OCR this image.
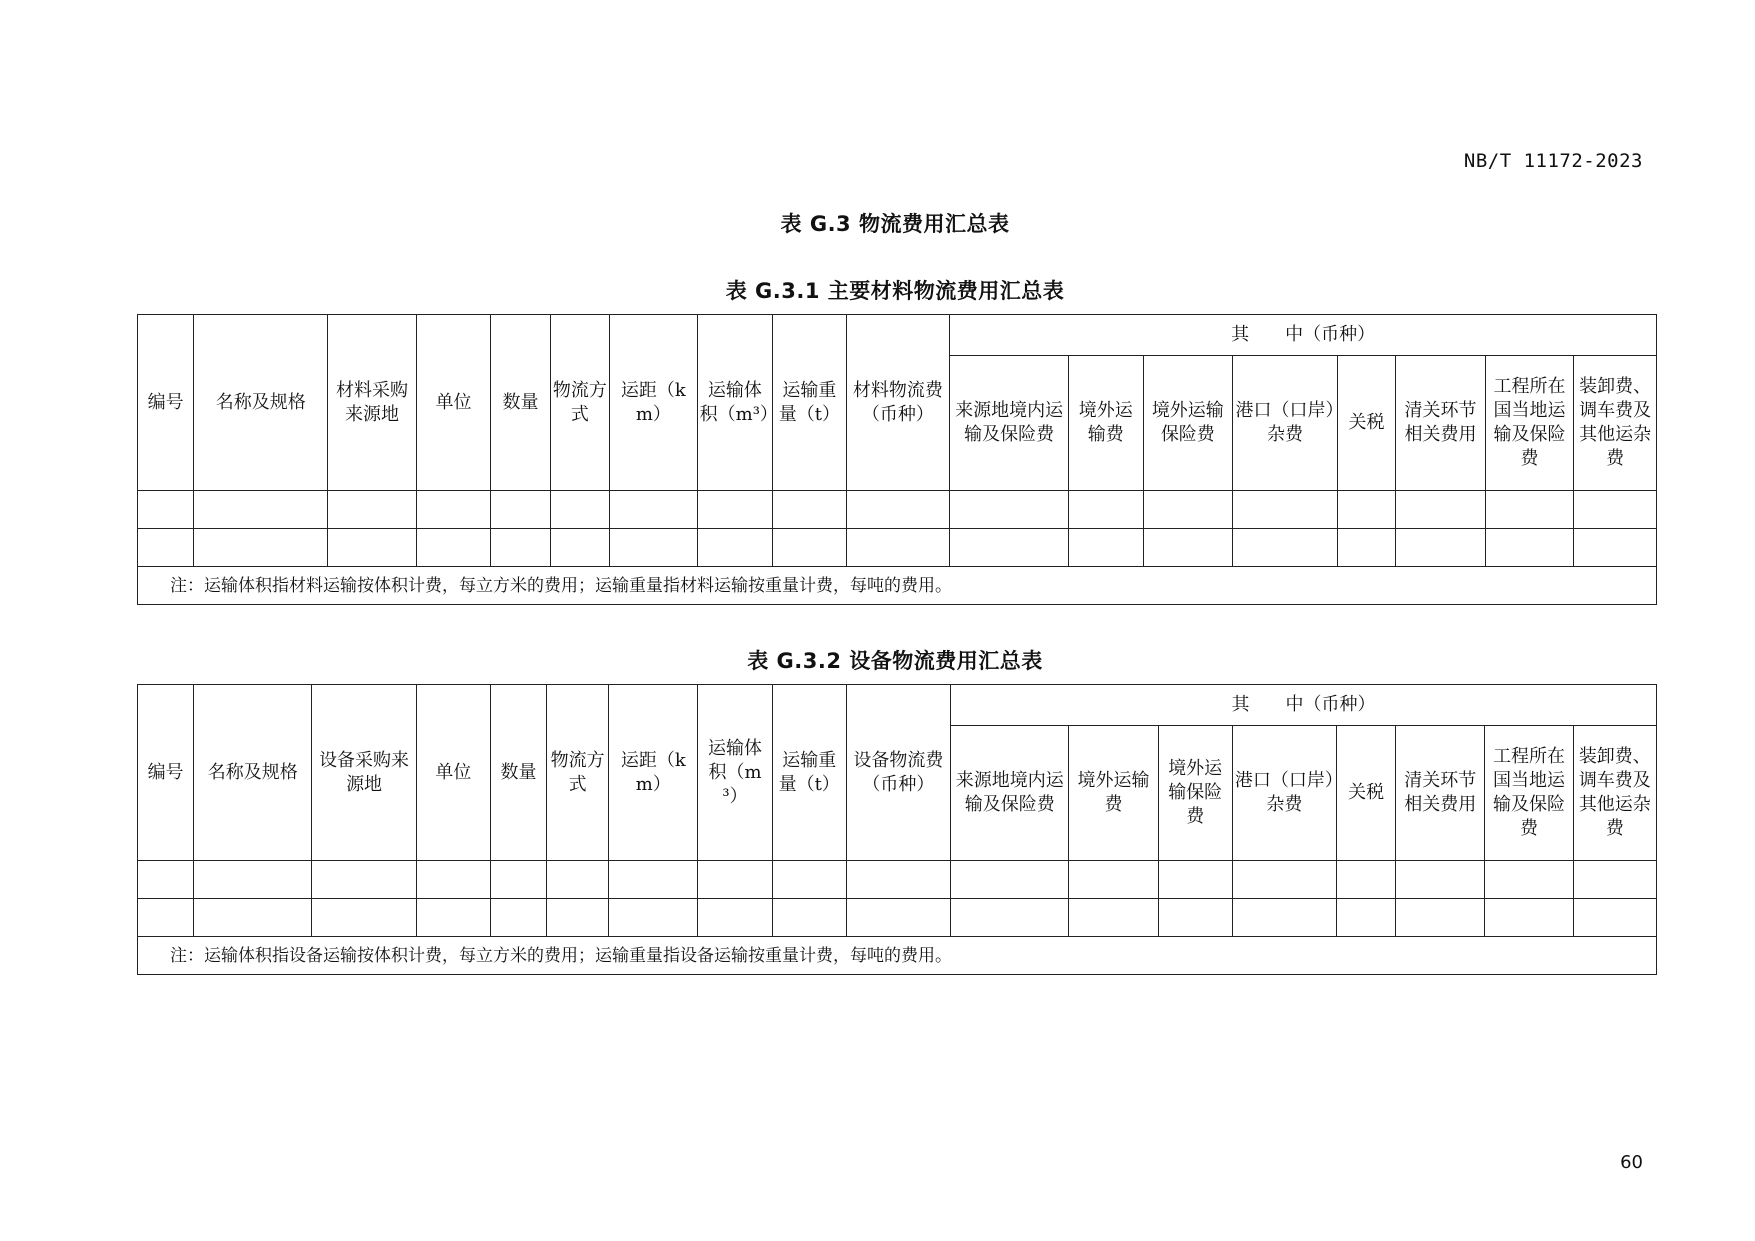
NB/T 11172-2023
表 G.3 物流费用汇总表
表 G.3.1 主要材料物流费用汇总表
编号	名称及规格	材料采购来源地	单位	数量	物流方式	运距（km）	运输体积（m³）	运输重量（t）	材料物流费（币种）	其　　中（币种）							
										来源地境内运输及保险费	境外运输费	境外运输保险费	港口（口岸）杂费	关税	清关环节相关费用	工程所在国当地运输及保险费	装卸费、调车费及其他运杂费

注：运输体积指材料运输按体积计费，每立方米的费用；运输重量指材料运输按重量计费，每吨的费用。																	
表 G.3.2 设备物流费用汇总表
编号	名称及规格	设备采购来源地	单位	数量	物流方式	运距（km）	运输体积（m³）	运输重量（t）	设备物流费（币种）	其　　中（币种）							
										来源地境内运输及保险费	境外运输费	境外运输保险费	港口（口岸）杂费	关税	清关环节相关费用	工程所在国当地运输及保险费	装卸费、调车费及其他运杂费

注：运输体积指设备运输按体积计费，每立方米的费用；运输重量指设备运输按重量计费，每吨的费用。																	
60
